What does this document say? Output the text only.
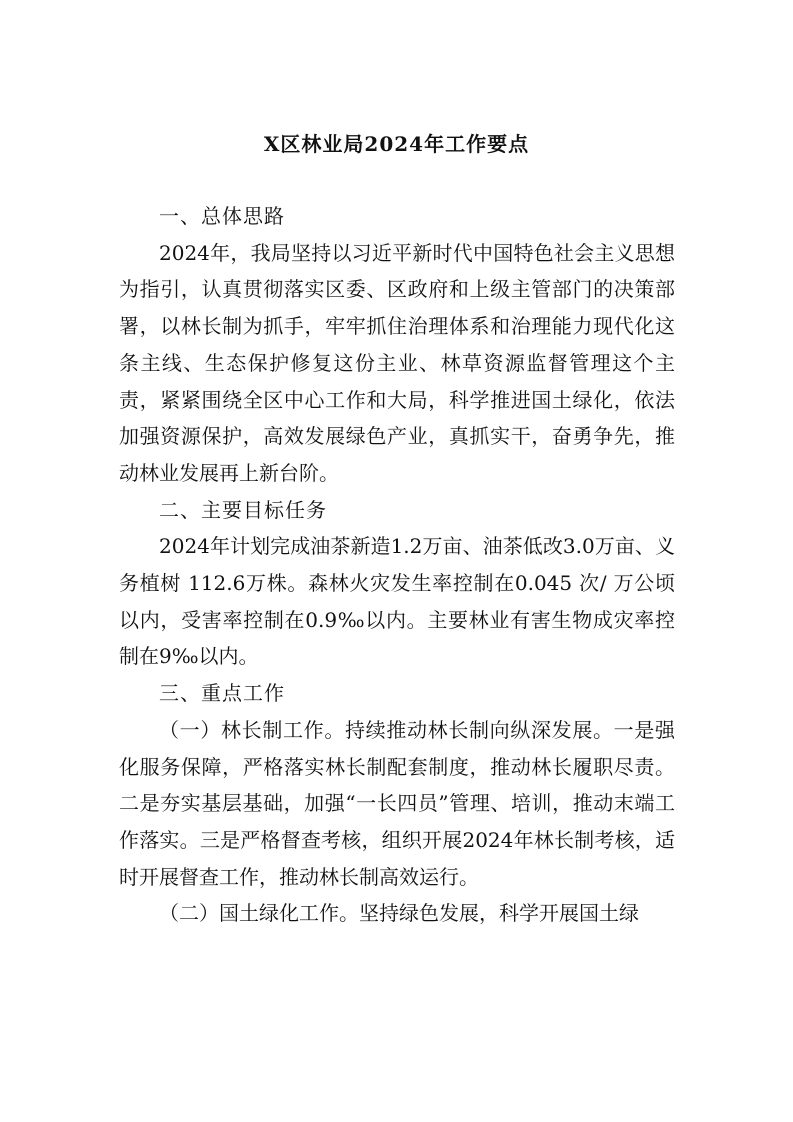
X区林业局2024年工作要点

一、总体思路

2024年，我局坚持以习近平新时代中国特色社会主义思想为指引，认真贯彻落实区委、区政府和上级主管部门的决策部署，以林长制为抓手，牢牢抓住治理体系和治理能力现代化这条主线、生态保护修复这份主业、林草资源监督管理这个主责，紧紧围绕全区中心工作和大局，科学推进国土绿化，依法加强资源保护，高效发展绿色产业，真抓实干，奋勇争先，推动林业发展再上新台阶。

二、主要目标任务

2024年计划完成油茶新造1.2万亩、油茶低改3.0万亩、义务植树 112.6万株。森林火灾发生率控制在0.045 次/ 万公顷以内，受害率控制在0.9‰以内。主要林业有害生物成灾率控制在9‰以内。

三、重点工作

（一）林长制工作。持续推动林长制向纵深发展。一是强化服务保障，严格落实林长制配套制度，推动林长履职尽责。二是夯实基层基础，加强“一长四员”管理、培训，推动末端工作落实。三是严格督查考核，组织开展2024年林长制考核，适时开展督查工作，推动林长制高效运行。

（二）国土绿化工作。坚持绿色发展，科学开展国土绿
